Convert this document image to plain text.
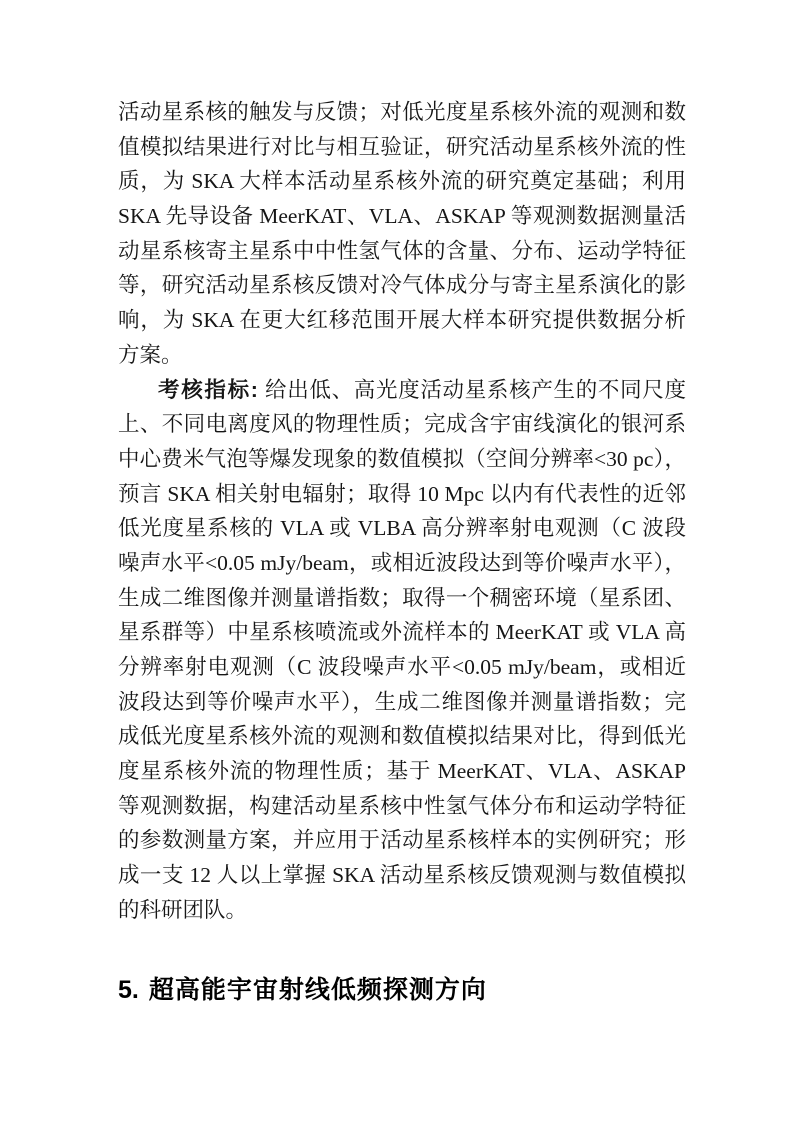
活动星系核的触发与反馈；对低光度星系核外流的观测和数
值模拟结果进行对比与相互验证，研究活动星系核外流的性
质，为 SKA 大样本活动星系核外流的研究奠定基础；利用
SKA 先导设备 MeerKAT、VLA、ASKAP 等观测数据测量活
动星系核寄主星系中中性氢气体的含量、分布、运动学特征
等，研究活动星系核反馈对冷气体成分与寄主星系演化的影
响，为 SKA 在更大红移范围开展大样本研究提供数据分析
方案。
考核指标: 给出低、高光度活动星系核产生的不同尺度
上、不同电离度风的物理性质；完成含宇宙线演化的银河系
中心费米气泡等爆发现象的数值模拟（空间分辨率<30 pc），
预言 SKA 相关射电辐射；取得 10 Mpc 以内有代表性的近邻
低光度星系核的 VLA 或 VLBA 高分辨率射电观测（C 波段
噪声水平<0.05 mJy/beam，或相近波段达到等价噪声水平），
生成二维图像并测量谱指数；取得一个稠密环境（星系团、
星系群等）中星系核喷流或外流样本的 MeerKAT 或 VLA 高
分辨率射电观测（C 波段噪声水平<0.05 mJy/beam，或相近
波段达到等价噪声水平），生成二维图像并测量谱指数；完
成低光度星系核外流的观测和数值模拟结果对比，得到低光
度星系核外流的物理性质；基于 MeerKAT、VLA、ASKAP
等观测数据，构建活动星系核中性氢气体分布和运动学特征
的参数测量方案，并应用于活动星系核样本的实例研究；形
成一支 12 人以上掌握 SKA 活动星系核反馈观测与数值模拟
的科研团队。
5. 超高能宇宙射线低频探测方向
